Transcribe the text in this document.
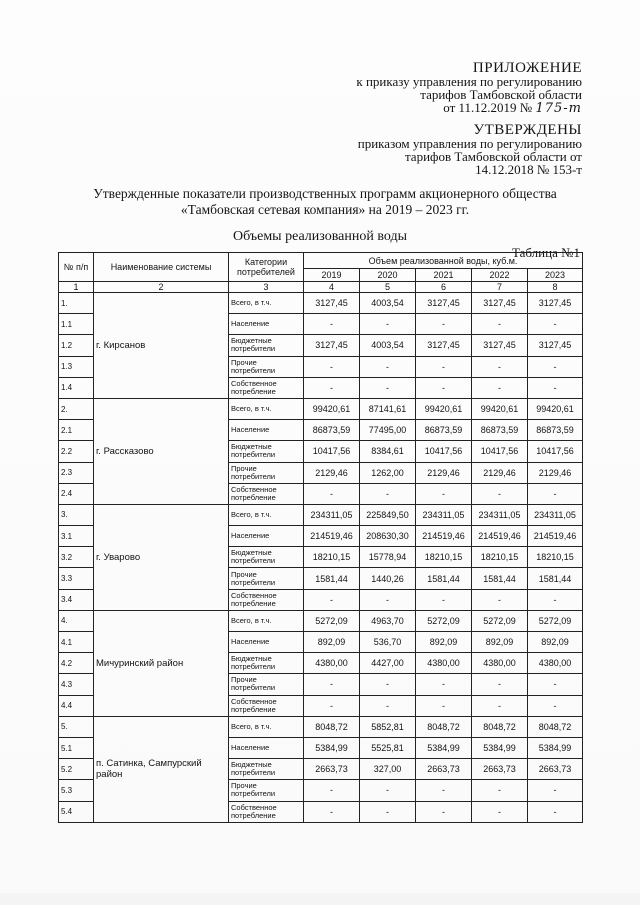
ПРИЛОЖЕНИЕ
к приказу управления по регулированию
тарифов Тамбовской области
от 11.12.2019 № 175-т
УТВЕРЖДЕНЫ
приказом управления по регулированию
тарифов Тамбовской области от
14.12.2018 № 153-т
Утвержденные показатели производственных программ акционерного общества
«Тамбовская сетевая компания» на 2019 – 2023 гг.
Объемы реализованной воды
Таблица №1
№ п/п	Наименование системы	Категории потребителей	Объем реализованной воды, куб.м.				
			2019	2020	2021	2022	2023
1	2	3	4	5	6	7	8
1.	г. Кирсанов	Всего, в т.ч.	3127,45	4003,54	3127,45	3127,45	3127,45
1.1		Население	-	-	-	-	-
1.2		Бюджетные потребители	3127,45	4003,54	3127,45	3127,45	3127,45
1.3		Прочие потребители	-	-	-	-	-
1.4		Собственное потребление	-	-	-	-	-
2.	г. Рассказово	Всего, в т.ч.	99420,61	87141,61	99420,61	99420,61	99420,61
2.1		Население	86873,59	77495,00	86873,59	86873,59	86873,59
2.2		Бюджетные потребители	10417,56	8384,61	10417,56	10417,56	10417,56
2.3		Прочие потребители	2129,46	1262,00	2129,46	2129,46	2129,46
2.4		Собственное потребление	-	-	-	-	-
3.	г. Уварово	Всего, в т.ч.	234311,05	225849,50	234311,05	234311,05	234311,05
3.1		Население	214519,46	208630,30	214519,46	214519,46	214519,46
3.2		Бюджетные потребители	18210,15	15778,94	18210,15	18210,15	18210,15
3.3		Прочие потребители	1581,44	1440,26	1581,44	1581,44	1581,44
3.4		Собственное потребление	-	-	-	-	-
4.	Мичуринский район	Всего, в т.ч.	5272,09	4963,70	5272,09	5272,09	5272,09
4.1		Население	892,09	536,70	892,09	892,09	892,09
4.2		Бюджетные потребители	4380,00	4427,00	4380,00	4380,00	4380,00
4.3		Прочие потребители	-	-	-	-	-
4.4		Собственное потребление	-	-	-	-	-
5.	п. Сатинка, Сампурский район	Всего, в т.ч.	8048,72	5852,81	8048,72	8048,72	8048,72
5.1		Население	5384,99	5525,81	5384,99	5384,99	5384,99
5.2		Бюджетные потребители	2663,73	327,00	2663,73	2663,73	2663,73
5.3		Прочие потребители	-	-	-	-	-
5.4		Собственное потребление	-	-	-	-	-
